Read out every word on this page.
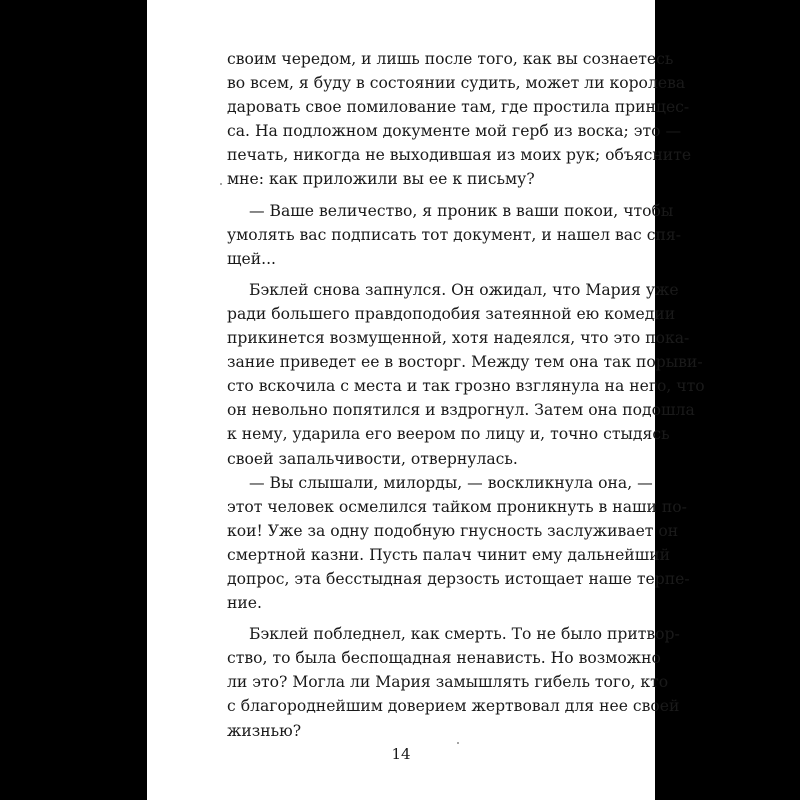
своим чередом, и лишь после того, как вы сознаетесь
во всем, я буду в состоянии судить, может ли королева
даровать свое помилование там, где простила принцес-
са. На подложном документе мой герб из воска; это —
печать, никогда не выходившая из моих рук; объясните
мне: как приложили вы ее к письму?
— Ваше величество, я проник в ваши покои, чтобы
умолять вас подписать тот документ, и нашел вас спя-
щей...
Бэклей снова запнулся. Он ожидал, что Мария уже
ради большего правдоподобия затеянной ею комедии
прикинется возмущенной, хотя надеялся, что это пока-
зание приведет ее в восторг. Между тем она так порыви-
сто вскочила с места и так грозно взглянула на него, что
он невольно попятился и вздрогнул. Затем она подошла
к нему, ударила его веером по лицу и, точно стыдясь
своей запальчивости, отвернулась.
— Вы слышали, милорды, — воскликнула она, —
этот человек осмелился тайком проникнуть в наши по-
кои! Уже за одну подобную гнусность заслуживает он
смертной казни. Пусть палач чинит ему дальнейший
допрос, эта бесстыдная дерзость истощает наше терпе-
ние.
Бэклей побледнел, как смерть. То не было притвор-
ство, то была беспощадная ненависть. Но возможно
ли это? Могла ли Мария замышлять гибель того, кто
с благороднейшим доверием жертвовал для нее своей
жизнью?
14
